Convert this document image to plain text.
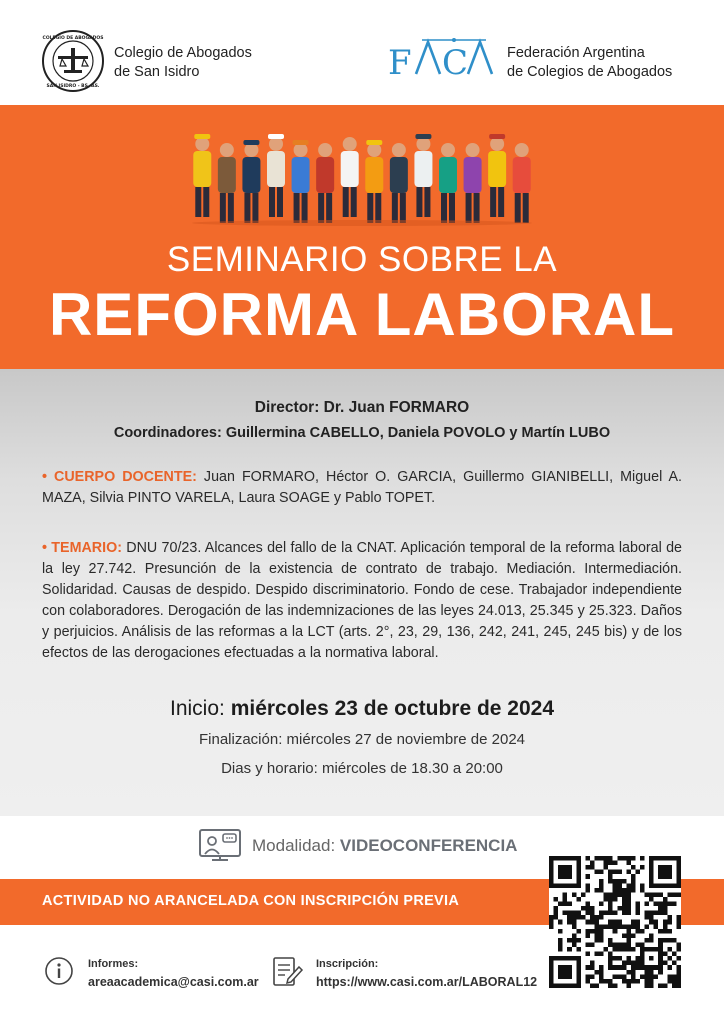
COLEGIO DE ABOGADOS
SAN ISIDRO - BS. AS.
Colegio de Abogados
de San Isidro	F C	Federación Argentina
de Colegios de Abogados
SEMINARIO SOBRE LA
REFORMA LABORAL
Director: Dr. Juan FORMARO
Coordinadores: Guillermina CABELLO, Daniela POVOLO y Martín LUBO
• CUERPO DOCENTE: Juan FORMARO, Héctor O. GARCIA, Guillermo GIANIBELLI, Miguel A. MAZA, Silvia PINTO VARELA, Laura SOAGE y Pablo TOPET.
• TEMARIO: DNU 70/23. Alcances del fallo de la CNAT. Aplicación temporal de la reforma laboral de la ley 27.742. Presunción de la existencia de contrato de trabajo. Mediación. Intermediación. Solidaridad. Causas de despido. Despido discriminatorio. Fondo de cese. Trabajador independiente con colaboradores. Derogación de las indemnizaciones de las leyes 24.013, 25.345 y 25.323. Daños y perjuicios. Análisis de las reformas a la LCT (arts. 2°, 23, 29, 136, 242, 241, 245, 245 bis) y de los efectos de las derogaciones efectuadas a la normativa laboral.
Inicio: miércoles 23 de octubre de 2024
Finalización: miércoles 27 de noviembre de 2024
Dias y horario: miércoles de 18.30 a 20:00
Modalidad: VIDEOCONFERENCIA
ACTIVIDAD NO ARANCELADA CON INSCRIPCIÓN PREVIA
Informes:
areaacademica@casi.com.ar
Inscripción:
https://www.casi.com.ar/LABORAL12
